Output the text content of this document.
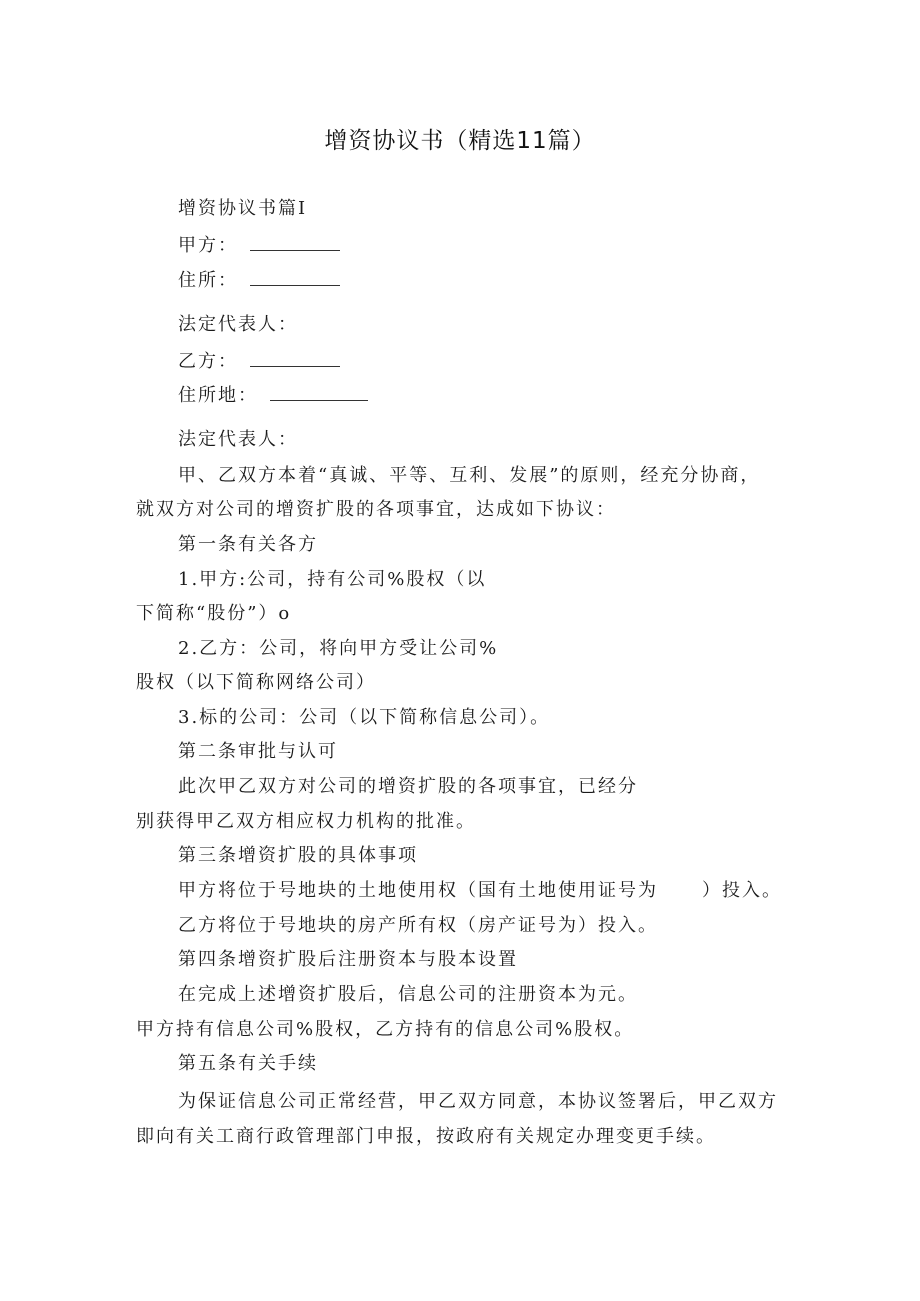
增资协议书（精选11篇）
增资协议书篇I
甲方：
住所：
法定代表人：
乙方：
住所地：
法定代表人：
甲、乙双方本着“真诚、平等、互利、发展”的原则，经充分协商，
就双方对公司的增资扩股的各项事宜，达成如下协议：
第一条有关各方
1.甲方:公司，持有公司%股权（以
下简称“股份”）o
2.乙方：公司，将向甲方受让公司%
股权（以下简称网络公司）
3.标的公司：公司（以下简称信息公司）。
第二条审批与认可
此次甲乙双方对公司的增资扩股的各项事宜，已经分
别获得甲乙双方相应权力机构的批准。
第三条增资扩股的具体事项
甲方将位于号地块的土地使用权（国有土地使用证号为 ）投入。
乙方将位于号地块的房产所有权（房产证号为）投入。
第四条增资扩股后注册资本与股本设置
在完成上述增资扩股后，信息公司的注册资本为元。
甲方持有信息公司%股权，乙方持有的信息公司%股权。
第五条有关手续
为保证信息公司正常经营，甲乙双方同意，本协议签署后，甲乙双方
即向有关工商行政管理部门申报，按政府有关规定办理变更手续。
